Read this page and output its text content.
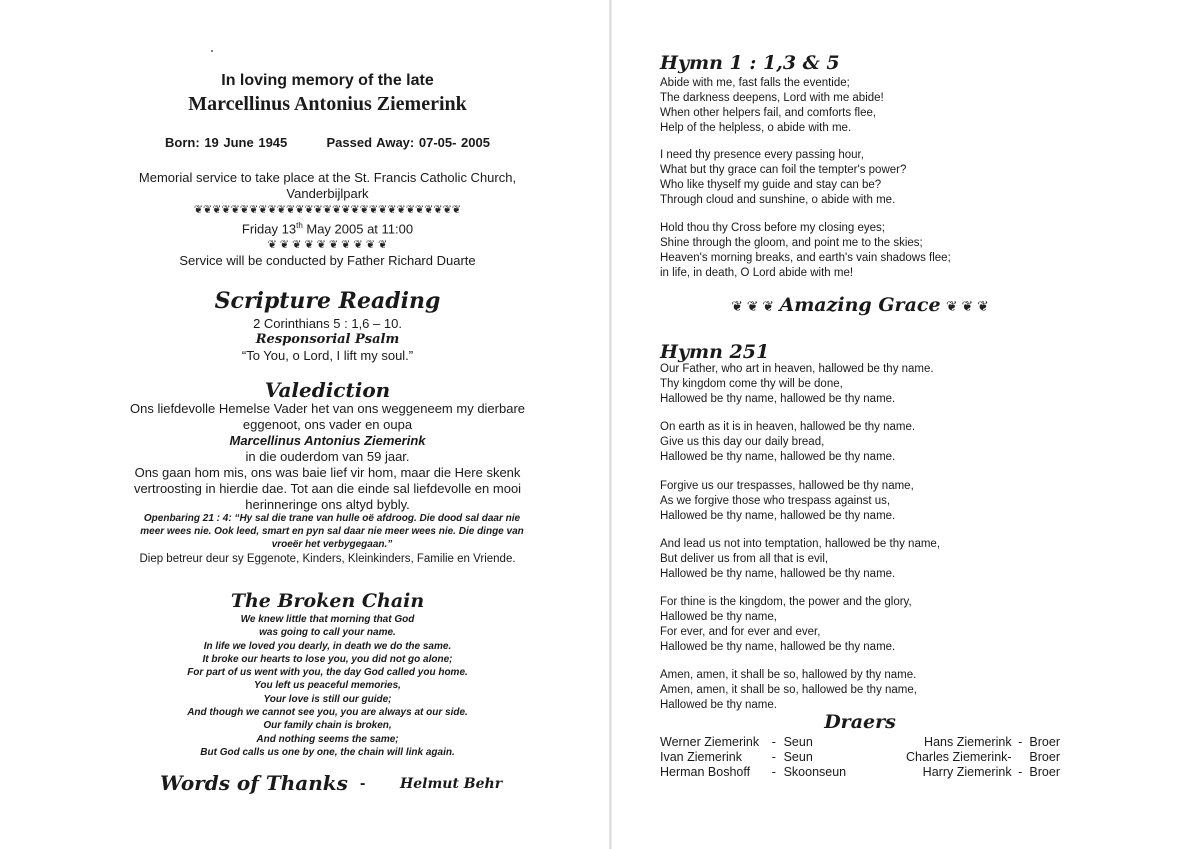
In loving memory of the late
Marcellinus Antonius Ziemerink
Born: 19 June 1945	Passed Away: 07-05- 2005
Memorial service to take place at the St. Francis Catholic Church,
Vanderbijlpark
❦❦❦❦❦❦❦❦❦❦❦❦❦❦❦❦❦❦❦❦❦❦❦❦❦❦❦❦❦
Friday 13th May 2005 at 11:00
❦ ❦ ❦ ❦ ❦ ❦ ❦ ❦ ❦ ❦
Service will be conducted by Father Richard Duarte
Scripture Reading
2 Corinthians 5 : 1,6 – 10.
Responsorial Psalm
“To You, o Lord, I lift my soul.”
Valediction
Ons liefdevolle Hemelse Vader het van ons weggeneem my dierbare
eggenoot, ons vader en oupa
Marcellinus Antonius Ziemerink
in die ouderdom van 59 jaar.
Ons gaan hom mis, ons was baie lief vir hom, maar die Here skenk
vertroosting in hierdie dae. Tot aan die einde sal liefdevolle en mooi
herinneringe ons altyd bybly.
Openbaring 21 : 4: “Hy sal die trane van hulle oë afdroog. Die dood sal daar nie
meer wees nie. Ook leed, smart en pyn sal daar nie meer wees nie. Die dinge van
vroeër het verbygegaan.”
Diep betreur deur sy Eggenote, Kinders, Kleinkinders, Familie en Vriende.
The Broken Chain
We knew little that morning that God
was going to call your name.
In life we loved you dearly, in death we do the same.
It broke our hearts to lose you, you did not go alone;
For part of us went with you, the day God called you home.
You left us peaceful memories,
Your love is still our guide;
And though we cannot see you, you are always at our side.
Our family chain is broken,
And nothing seems the same;
But God calls us one by one, the chain will link again.
Words of Thanks - Helmut Behr
Hymn 1 : 1,3 & 5
Abide with me, fast falls the eventide;
The darkness deepens, Lord with me abide!
When other helpers fail, and comforts flee,
Help of the helpless, o abide with me.
I need thy presence every passing hour,
What but thy grace can foil the tempter's power?
Who like thyself my guide and stay can be?
Through cloud and sunshine, o abide with me.
Hold thou thy Cross before my closing eyes;
Shine through the gloom, and point me to the skies;
Heaven's morning breaks, and earth's vain shadows flee;
in life, in death, O Lord abide with me!
❦ ❦ ❦ Amazing Grace ❦ ❦ ❦
Hymn 251
Our Father, who art in heaven, hallowed be thy name.
Thy kingdom come thy will be done,
Hallowed be thy name, hallowed be thy name.
On earth as it is in heaven, hallowed be thy name.
Give us this day our daily bread,
Hallowed be thy name, hallowed be thy name.
Forgive us our trespasses, hallowed be thy name,
As we forgive those who trespass against us,
Hallowed be thy name, hallowed be thy name.
And lead us not into temptation, hallowed be thy name,
But deliver us from all that is evil,
Hallowed be thy name, hallowed be thy name.
For thine is the kingdom, the power and the glory,
Hallowed be thy name,
For ever, and for ever and ever,
Hallowed be thy name, hallowed be thy name.
Amen, amen, it shall be so, hallowed by thy name.
Amen, amen, it shall be so, hallowed be thy name,
Hallowed be thy name.
Draers
Werner Ziemerink	-	Seun	Hans Ziemerink	-	Broer
Ivan Ziemerink	-	Seun	Charles Ziemerink-		Broer
Herman Boshoff	-	Skoonseun	Harry Ziemerink	-	Broer
